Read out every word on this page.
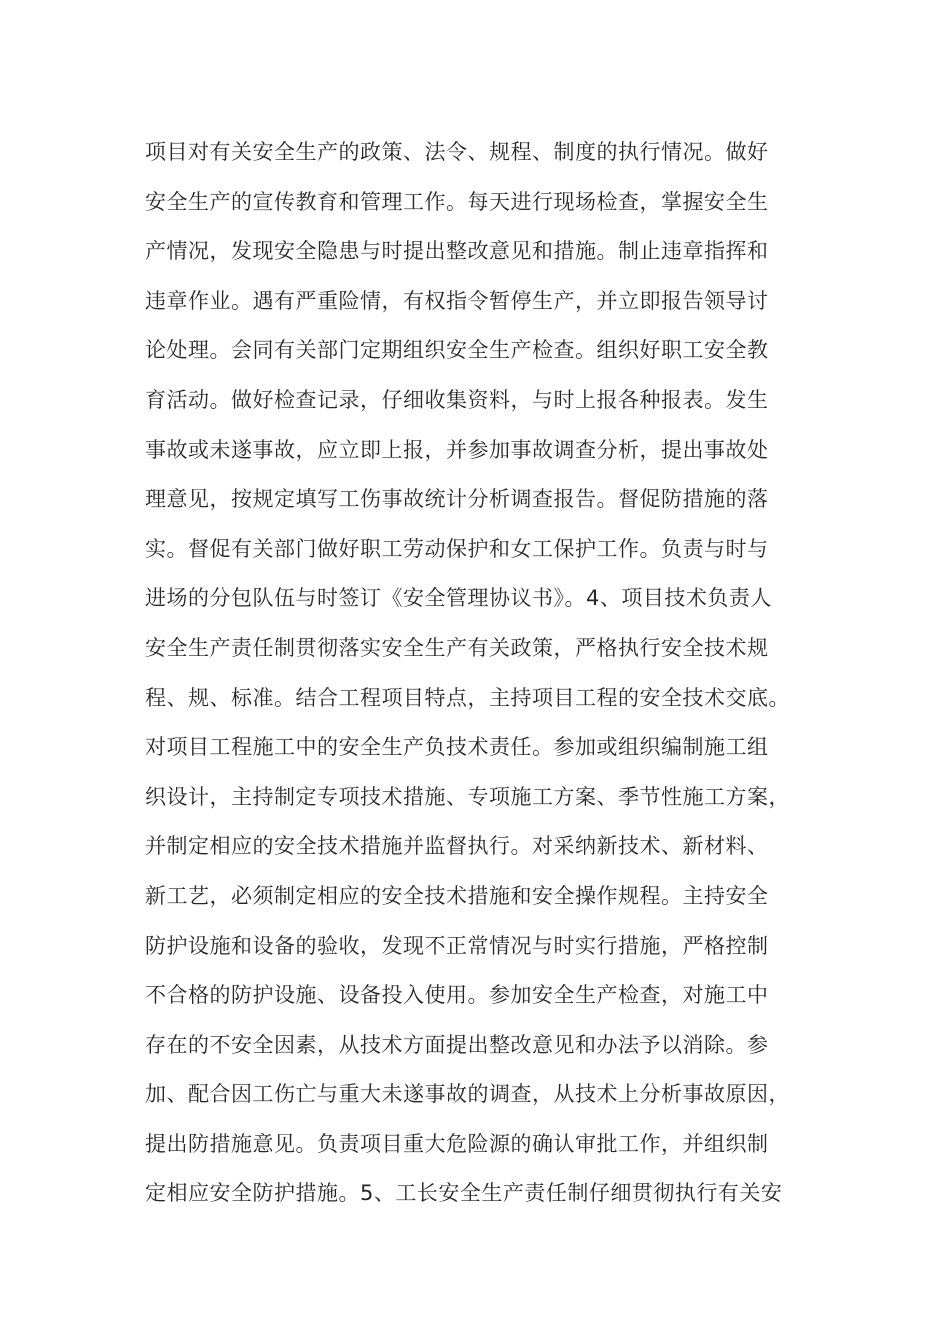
项目对有关安全生产的政策、法令、规程、制度的执行情况。做好
安全生产的宣传教育和管理工作。每天进行现场检查，掌握安全生
产情况，发现安全隐患与时提出整改意见和措施。制止违章指挥和
违章作业。遇有严重险情，有权指令暂停生产，并立即报告领导讨
论处理。会同有关部门定期组织安全生产检查。组织好职工安全教
育活动。做好检查记录，仔细收集资料，与时上报各种报表。发生
事故或未遂事故，应立即上报，并参加事故调查分析，提出事故处
理意见，按规定填写工伤事故统计分析调查报告。督促防措施的落
实。督促有关部门做好职工劳动保护和女工保护工作。负责与时与
进场的分包队伍与时签订《安全管理协议书》。4、项目技术负责人
安全生产责任制贯彻落实安全生产有关政策，严格执行安全技术规
程、规、标准。结合工程项目特点，主持项目工程的安全技术交底。
对项目工程施工中的安全生产负技术责任。参加或组织编制施工组
织设计，主持制定专项技术措施、专项施工方案、季节性施工方案，
并制定相应的安全技术措施并监督执行。对采纳新技术、新材料、
新工艺，必须制定相应的安全技术措施和安全操作规程。主持安全
防护设施和设备的验收，发现不正常情况与时实行措施，严格控制
不合格的防护设施、设备投入使用。参加安全生产检查，对施工中
存在的不安全因素，从技术方面提出整改意见和办法予以消除。参
加、配合因工伤亡与重大未遂事故的调查，从技术上分析事故原因，
提出防措施意见。负责项目重大危险源的确认审批工作，并组织制
定相应安全防护措施。5、工长安全生产责任制仔细贯彻执行有关安
